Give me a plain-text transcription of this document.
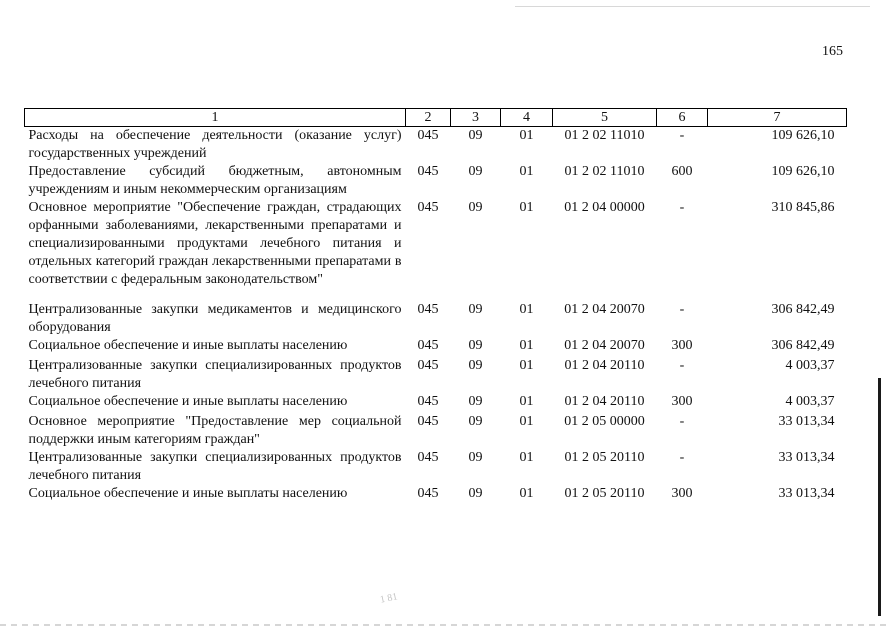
165
1	2	3	4	5	6	7
Расходы на обеспечение деятельности (оказание услуг) государственных учреждений	045	09	01	01 2 02 11010	-	109 626,10
Предоставление субсидий бюджетным, автономным учреждениям и иным некоммерческим организациям	045	09	01	01 2 02 11010	600	109 626,10
Основное мероприятие "Обеспечение граждан, страдающих орфанными заболеваниями, лекарственными препаратами и специализированными продуктами лечебного питания и отдельных категорий граждан лекарственными препаратами в соответствии с федеральным законодательством"	045	09	01	01 2 04 00000	-	310 845,86
Централизованные закупки медикаментов и медицинского оборудования	045	09	01	01 2 04 20070	-	306 842,49
Социальное обеспечение и иные выплаты населению	045	09	01	01 2 04 20070	300	306 842,49
Централизованные закупки специализированных продуктов лечебного питания	045	09	01	01 2 04 20110	-	4 003,37
Социальное обеспечение и иные выплаты населению	045	09	01	01 2 04 20110	300	4 003,37
Основное мероприятие "Предоставление мер социальной поддержки иным категориям граждан"	045	09	01	01 2 05 00000	-	33 013,34
Централизованные закупки специализированных продуктов лечебного питания	045	09	01	01 2 05 20110	-	33 013,34
Социальное обеспечение и иные выплаты населению	045	09	01	01 2 05 20110	300	33 013,34
1 81
